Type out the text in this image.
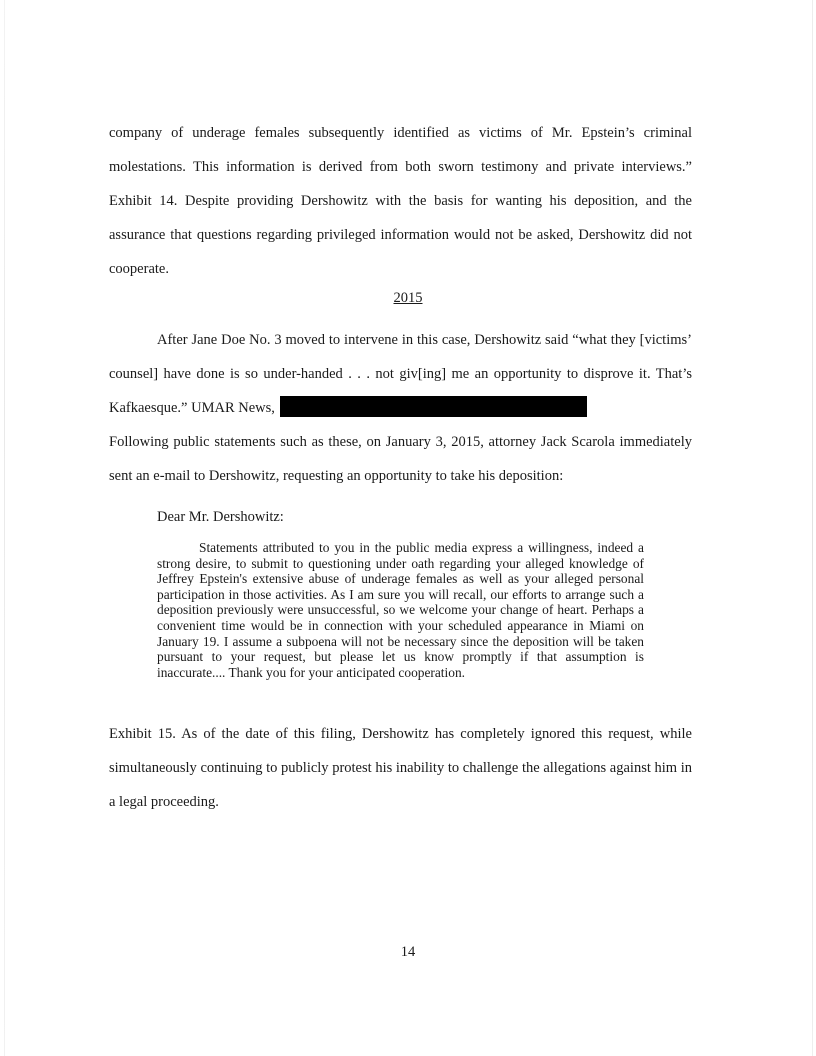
company of underage females subsequently identified as victims of Mr. Epstein’s criminal molestations. This information is derived from both sworn testimony and private interviews.” Exhibit 14. Despite providing Dershowitz with the basis for wanting his deposition, and the assurance that questions regarding privileged information would not be asked, Dershowitz did not cooperate.

2015

After Jane Doe No. 3 moved to intervene in this case, Dershowitz said “what they [victims’ counsel] have done is so under-handed . . . not giv[ing] me an opportunity to disprove it. That’s Kafkaesque.” UMAR News,

Following public statements such as these, on January 3, 2015, attorney Jack Scarola immediately sent an e-mail to Dershowitz, requesting an opportunity to take his deposition:

Dear Mr. Dershowitz:

Statements attributed to you in the public media express a willingness, indeed a strong desire, to submit to questioning under oath regarding your alleged knowledge of Jeffrey Epstein's extensive abuse of underage females as well as your alleged personal participation in those activities. As I am sure you will recall, our efforts to arrange such a deposition previously were unsuccessful, so we welcome your change of heart. Perhaps a convenient time would be in connection with your scheduled appearance in Miami on January 19. I assume a subpoena will not be necessary since the deposition will be taken pursuant to your request, but please let us know promptly if that assumption is inaccurate.... Thank you for your anticipated cooperation.

Exhibit 15. As of the date of this filing, Dershowitz has completely ignored this request, while simultaneously continuing to publicly protest his inability to challenge the allegations against him in a legal proceeding.

14
